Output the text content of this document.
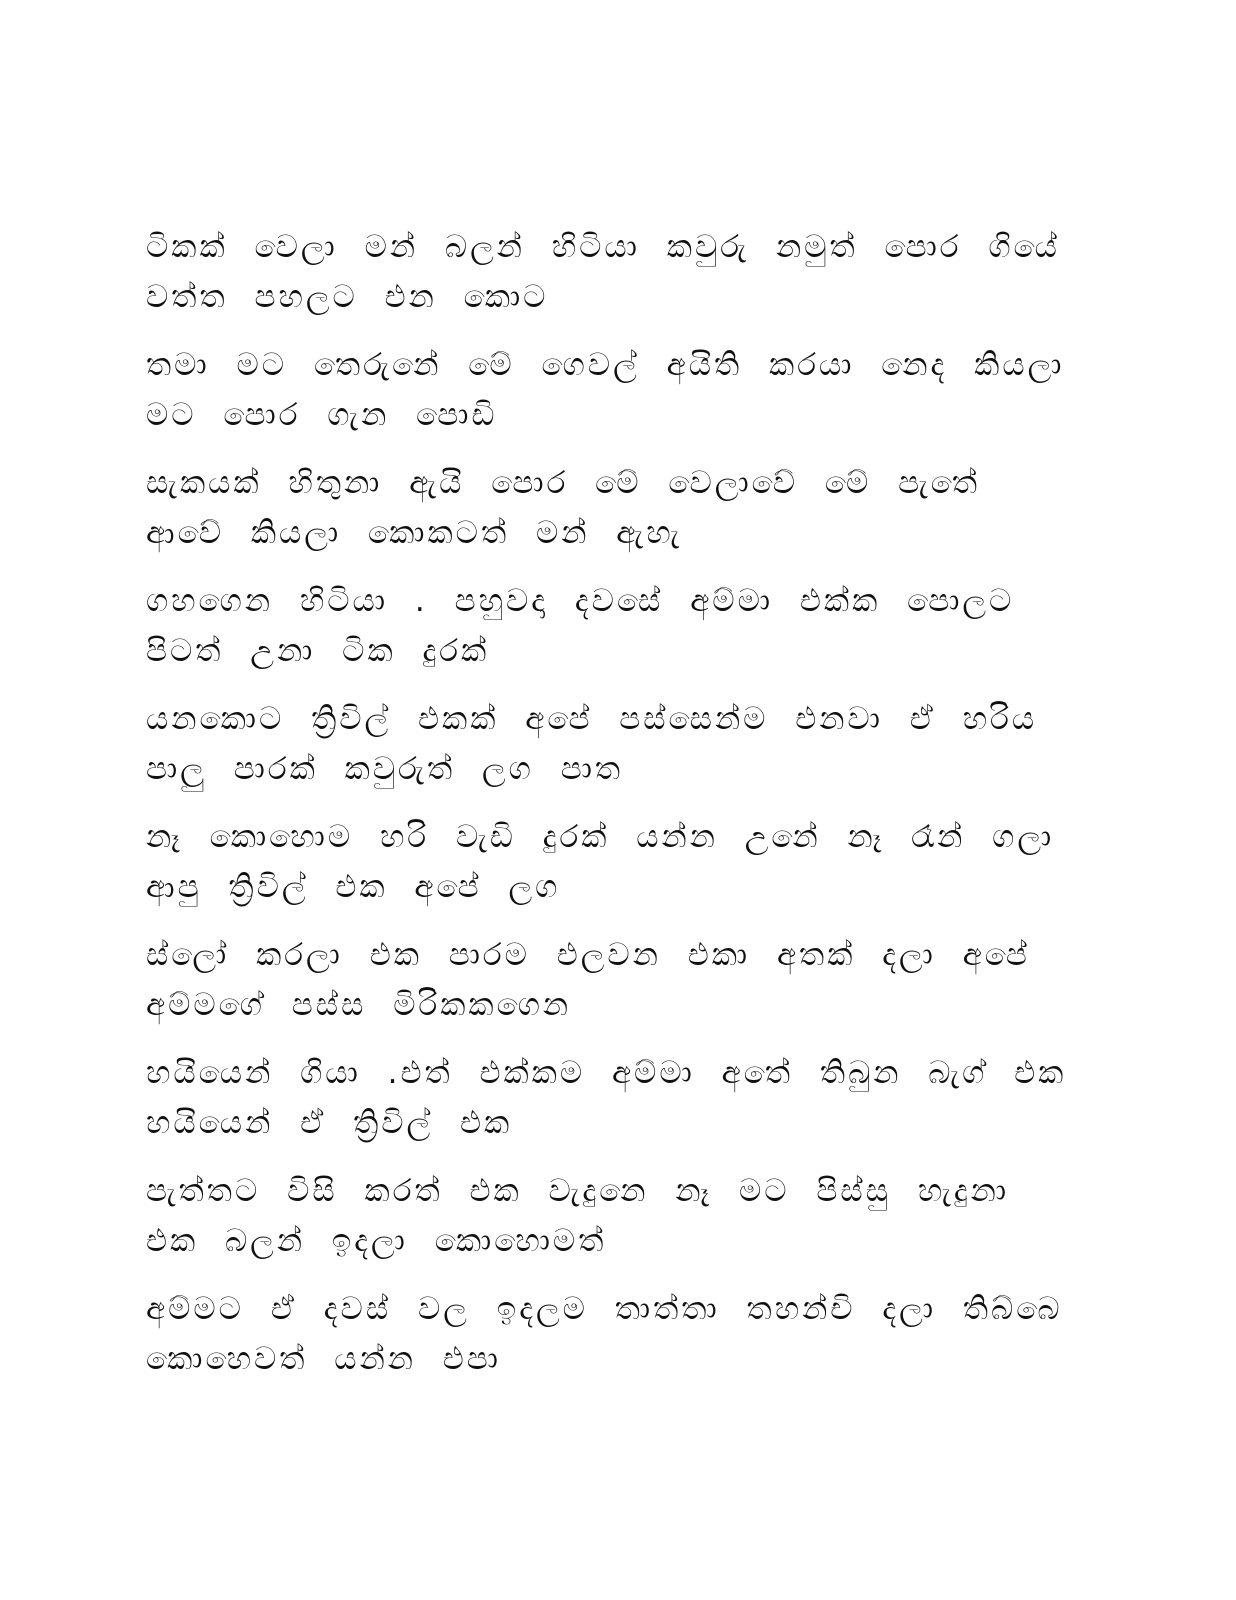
ටිකක් වෙලා මන් බලන් හිටියා කවුරු නමුත් පොර ගියේ
වත්ත පහලට එන කොට

තමා මට තෙරුනේ මේ ගෙවල් අයිති කරයා නෙද කියලා
මට පොර ගැන පොඩි

සැකයක් හිතුනා ඇයි පොර මේ වෙලාවේ මේ පැතේ
ආවේ කියලා කොකටත් මන් ඇහැ

ගහගෙන හිටියා . පහුවදා දවසේ අම්මා එක්ක පොලට
පිටත් උනා ටික දුරක්

යනකොට ත්‍රිවිල් එකක් අපේ පස්සෙන්ම එනවා ඒ හරිය
පාලු පාරක් කවුරුත් ලග පාත

නෑ කොහොම හරි වැඩි දුරක් යන්න උනේ නෑ රෑන් ගලා
ආපු ත්‍රිවිල් එක අපේ ලග

ස්ලෝ කරලා එක පාරම එලවන එකා අතක් දලා අපේ
අම්මගේ පස්ස මිරිකකගෙන

හයියෙන් ගියා .එත් එක්කම අම්මා අතේ තිබුන බැග් එක
හයියෙන් ඒ ත්‍රිවිල් එක

පැත්තට විසි කරත් එක වැදුනෙ නෑ මට පිස්සු හැදුනා
එක බලන් ඉදලා කොහොමත්

අම්මට ඒ දවස් වල ඉදලම තාත්තා තහන්චි දලා තිබ්බෙ
කොහෙවත් යන්න එපා
